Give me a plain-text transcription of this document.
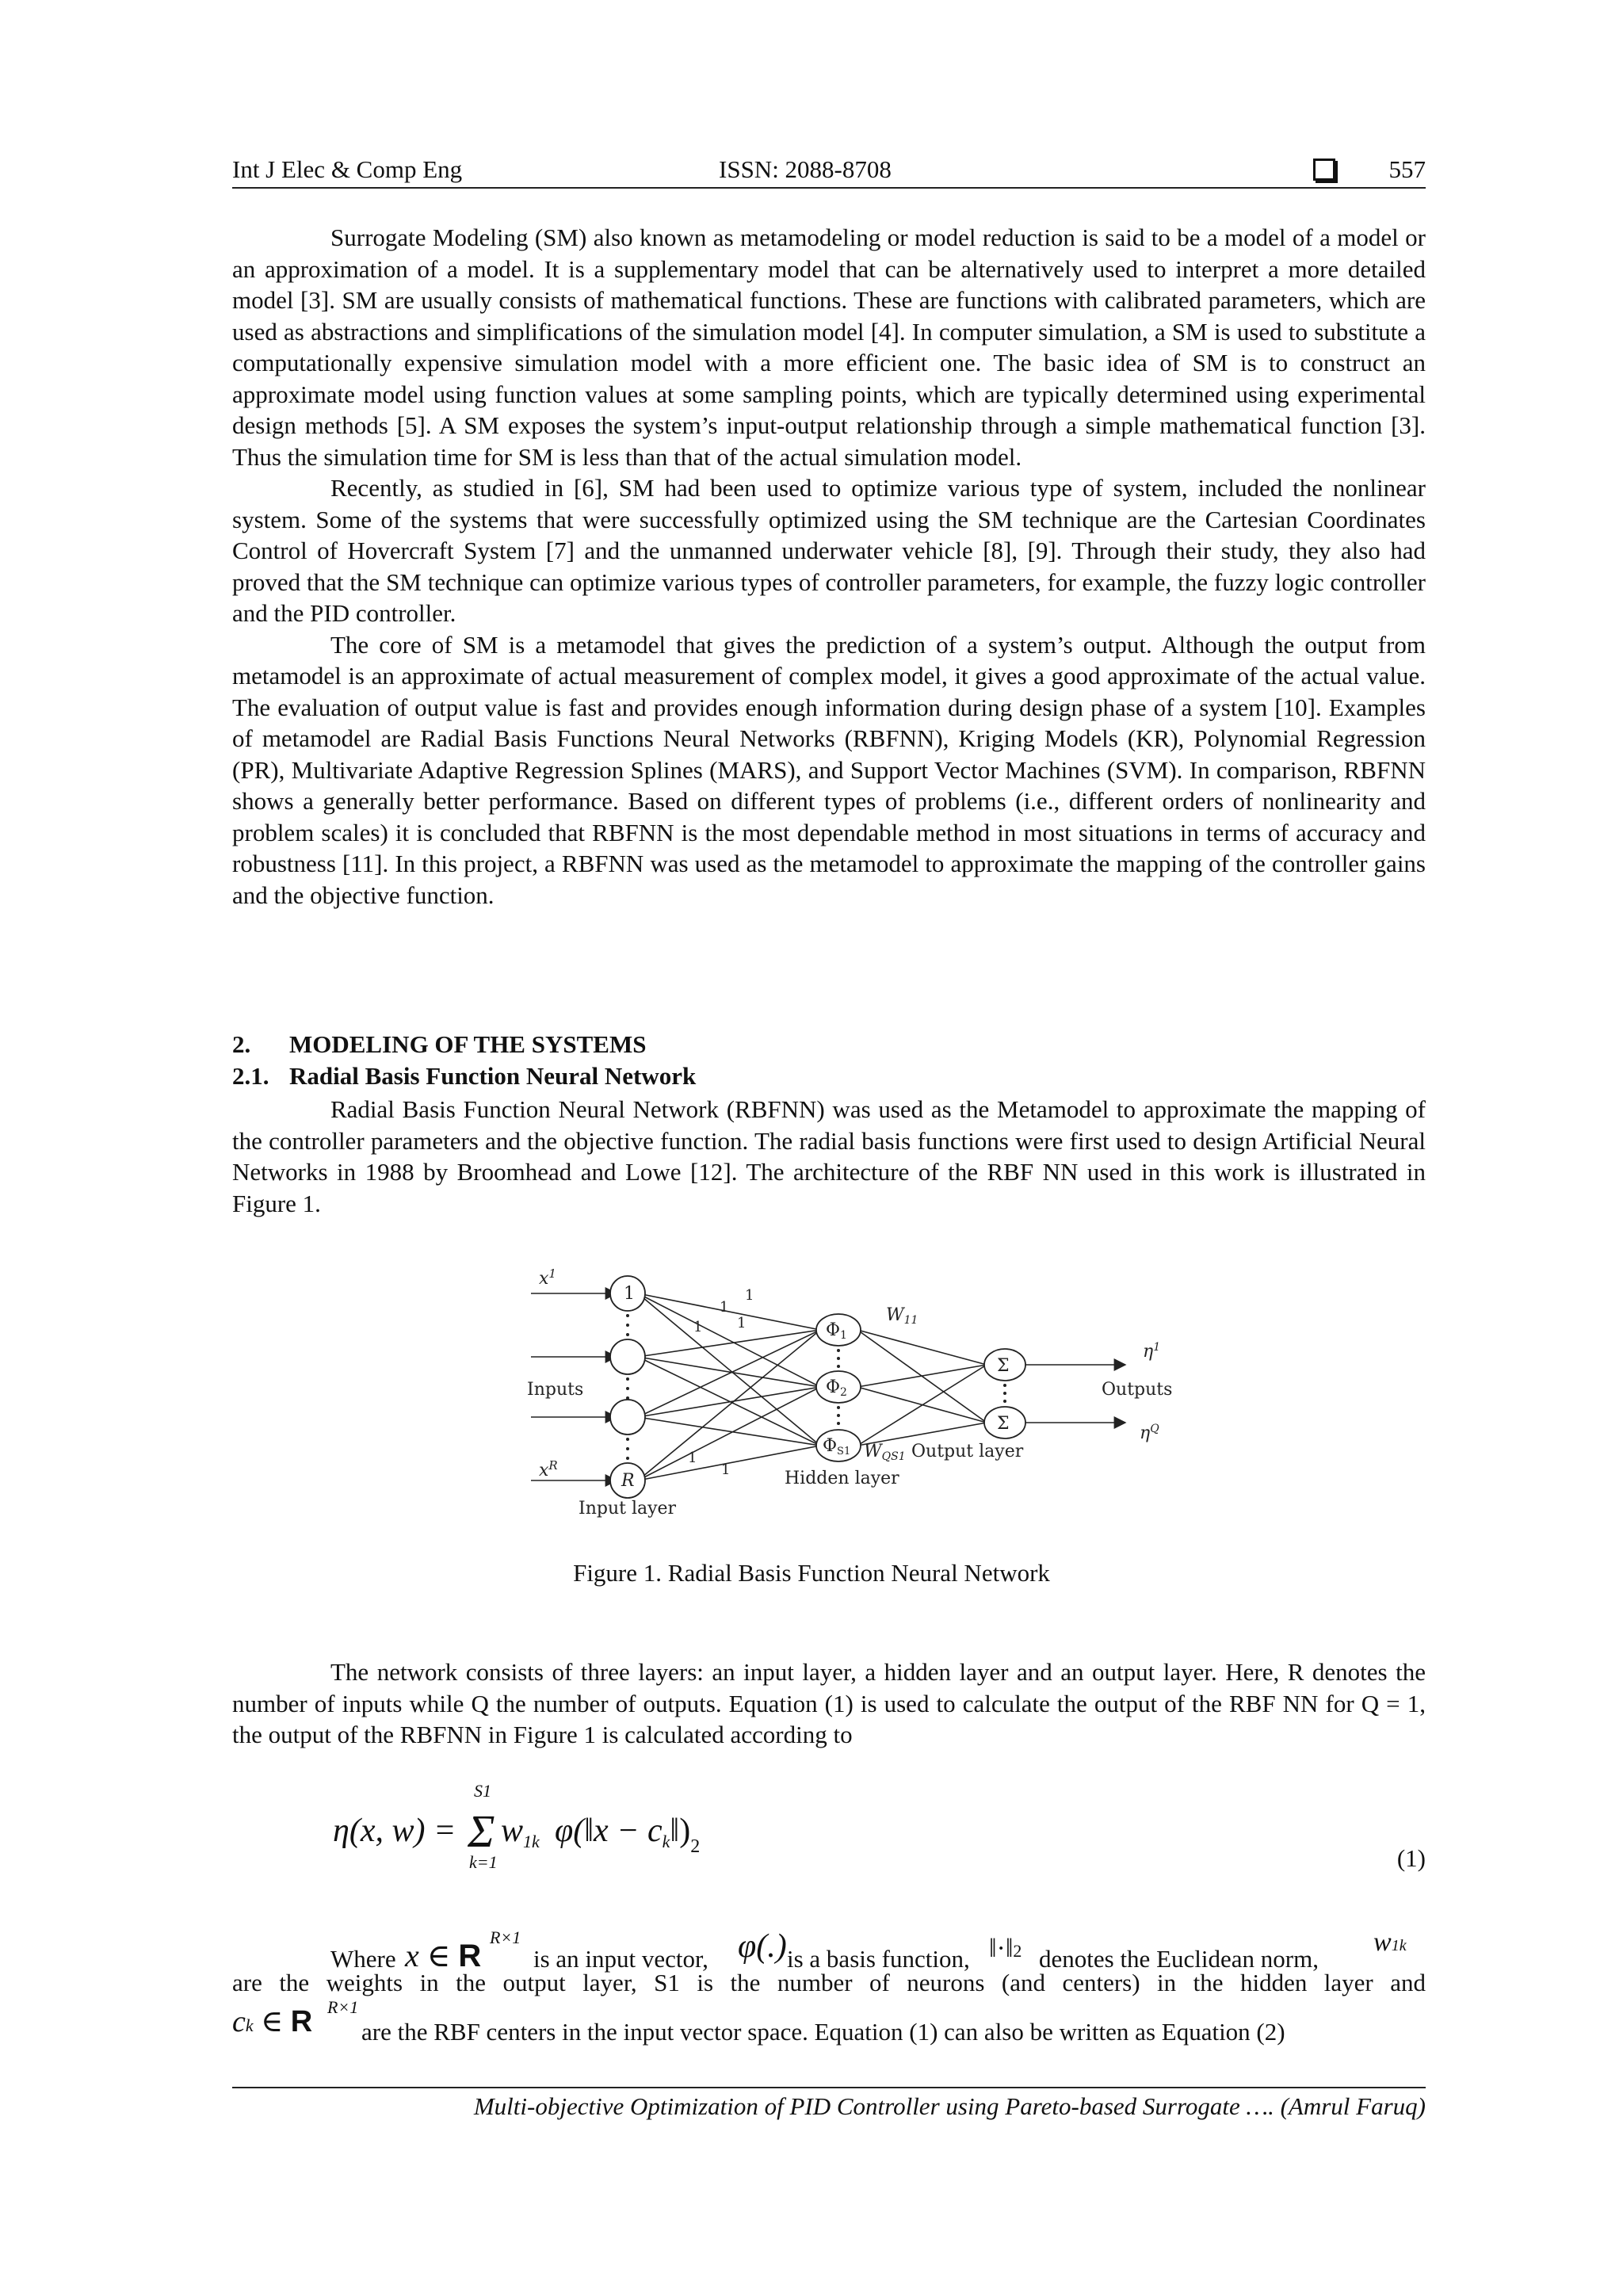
Int J Elec & Comp Eng	ISSN: 2088-8708	557

Surrogate Modeling (SM) also known as metamodeling or model reduction is said to be a model of a model or an approximation of a model. It is a supplementary model that can be alternatively used to interpret a more detailed model [3]. SM are usually consists of mathematical functions. These are functions with calibrated parameters, which are used as abstractions and simplifications of the simulation model [4]. In computer simulation, a SM is used to substitute a computationally expensive simulation model with a more efficient one. The basic idea of SM is to construct an approximate model using function values at some sampling points, which are typically determined using experimental design methods [5]. A SM exposes the system’s input-output relationship through a simple mathematical function [3]. Thus the simulation time for SM is less than that of the actual simulation model.

Recently, as studied in [6], SM had been used to optimize various type of system, included the nonlinear system. Some of the systems that were successfully optimized using the SM technique are the Cartesian Coordinates Control of Hovercraft System [7] and the unmanned underwater vehicle [8], [9]. Through their study, they also had proved that the SM technique can optimize various types of controller parameters, for example, the fuzzy logic controller and the PID controller.

The core of SM is a metamodel that gives the prediction of a system’s output. Although the output from metamodel is an approximate of actual measurement of complex model, it gives a good approximate of the actual value. The evaluation of output value is fast and provides enough information during design phase of a system [10]. Examples of metamodel are Radial Basis Functions Neural Networks (RBFNN), Kriging Models (KR), Polynomial Regression (PR), Multivariate Adaptive Regression Splines (MARS), and Support Vector Machines (SVM). In comparison, RBFNN shows a generally better performance. Based on different types of problems (i.e., different orders of nonlinearity and problem scales) it is concluded that RBFNN is the most dependable method in most situations in terms of accuracy and robustness [11]. In this project, a RBFNN was used as the metamodel to approximate the mapping of the controller gains and the objective function.

2. MODELING OF THE SYSTEMS
2.1. Radial Basis Function Neural Network

Radial Basis Function Neural Network (RBFNN) was used as the Metamodel to approximate the mapping of the controller parameters and the objective function. The radial basis functions were first used to design Artificial Neural Networks in 1988 by Broomhead and Lowe [12]. The architecture of the RBF NN used in this work is illustrated in Figure 1.

$x^1$
$x^R$
Inputs
1
R
Φ1
Φ2
ΦS1
Σ
Σ
W11
WQS1 Output layer
Hidden layer
Input layer
Outputs
$\eta^1$
$\eta^Q$
1
1
1
1
1
1
Figure 1. Radial Basis Function Neural Network

The network consists of three layers: an input layer, a hidden layer and an output layer. Here, R denotes the number of inputs while Q the number of outputs. Equation (1) is used to calculate the output of the RBF NN for Q = 1, the output of the RBFNN in Figure 1 is calculated according to

η(x, w) =
S1
Σ
k=1
w1k φ(‖x − $ck‖)_2$	(1)
Where x ∈ R
R×1
is an input vector, φ(.) is a basis function, ‖·‖2 denotes the Euclidean norm,
w1k
are the weights in the output layer, S1 is the number of neurons (and centers) in the hidden layer and
ck ∈ R R×1
are the RBF centers in the input vector space. Equation (1) can also be written as Equation (2)
Multi-objective Optimization of PID Controller using Pareto-based Surrogate …. (Amrul Faruq)
